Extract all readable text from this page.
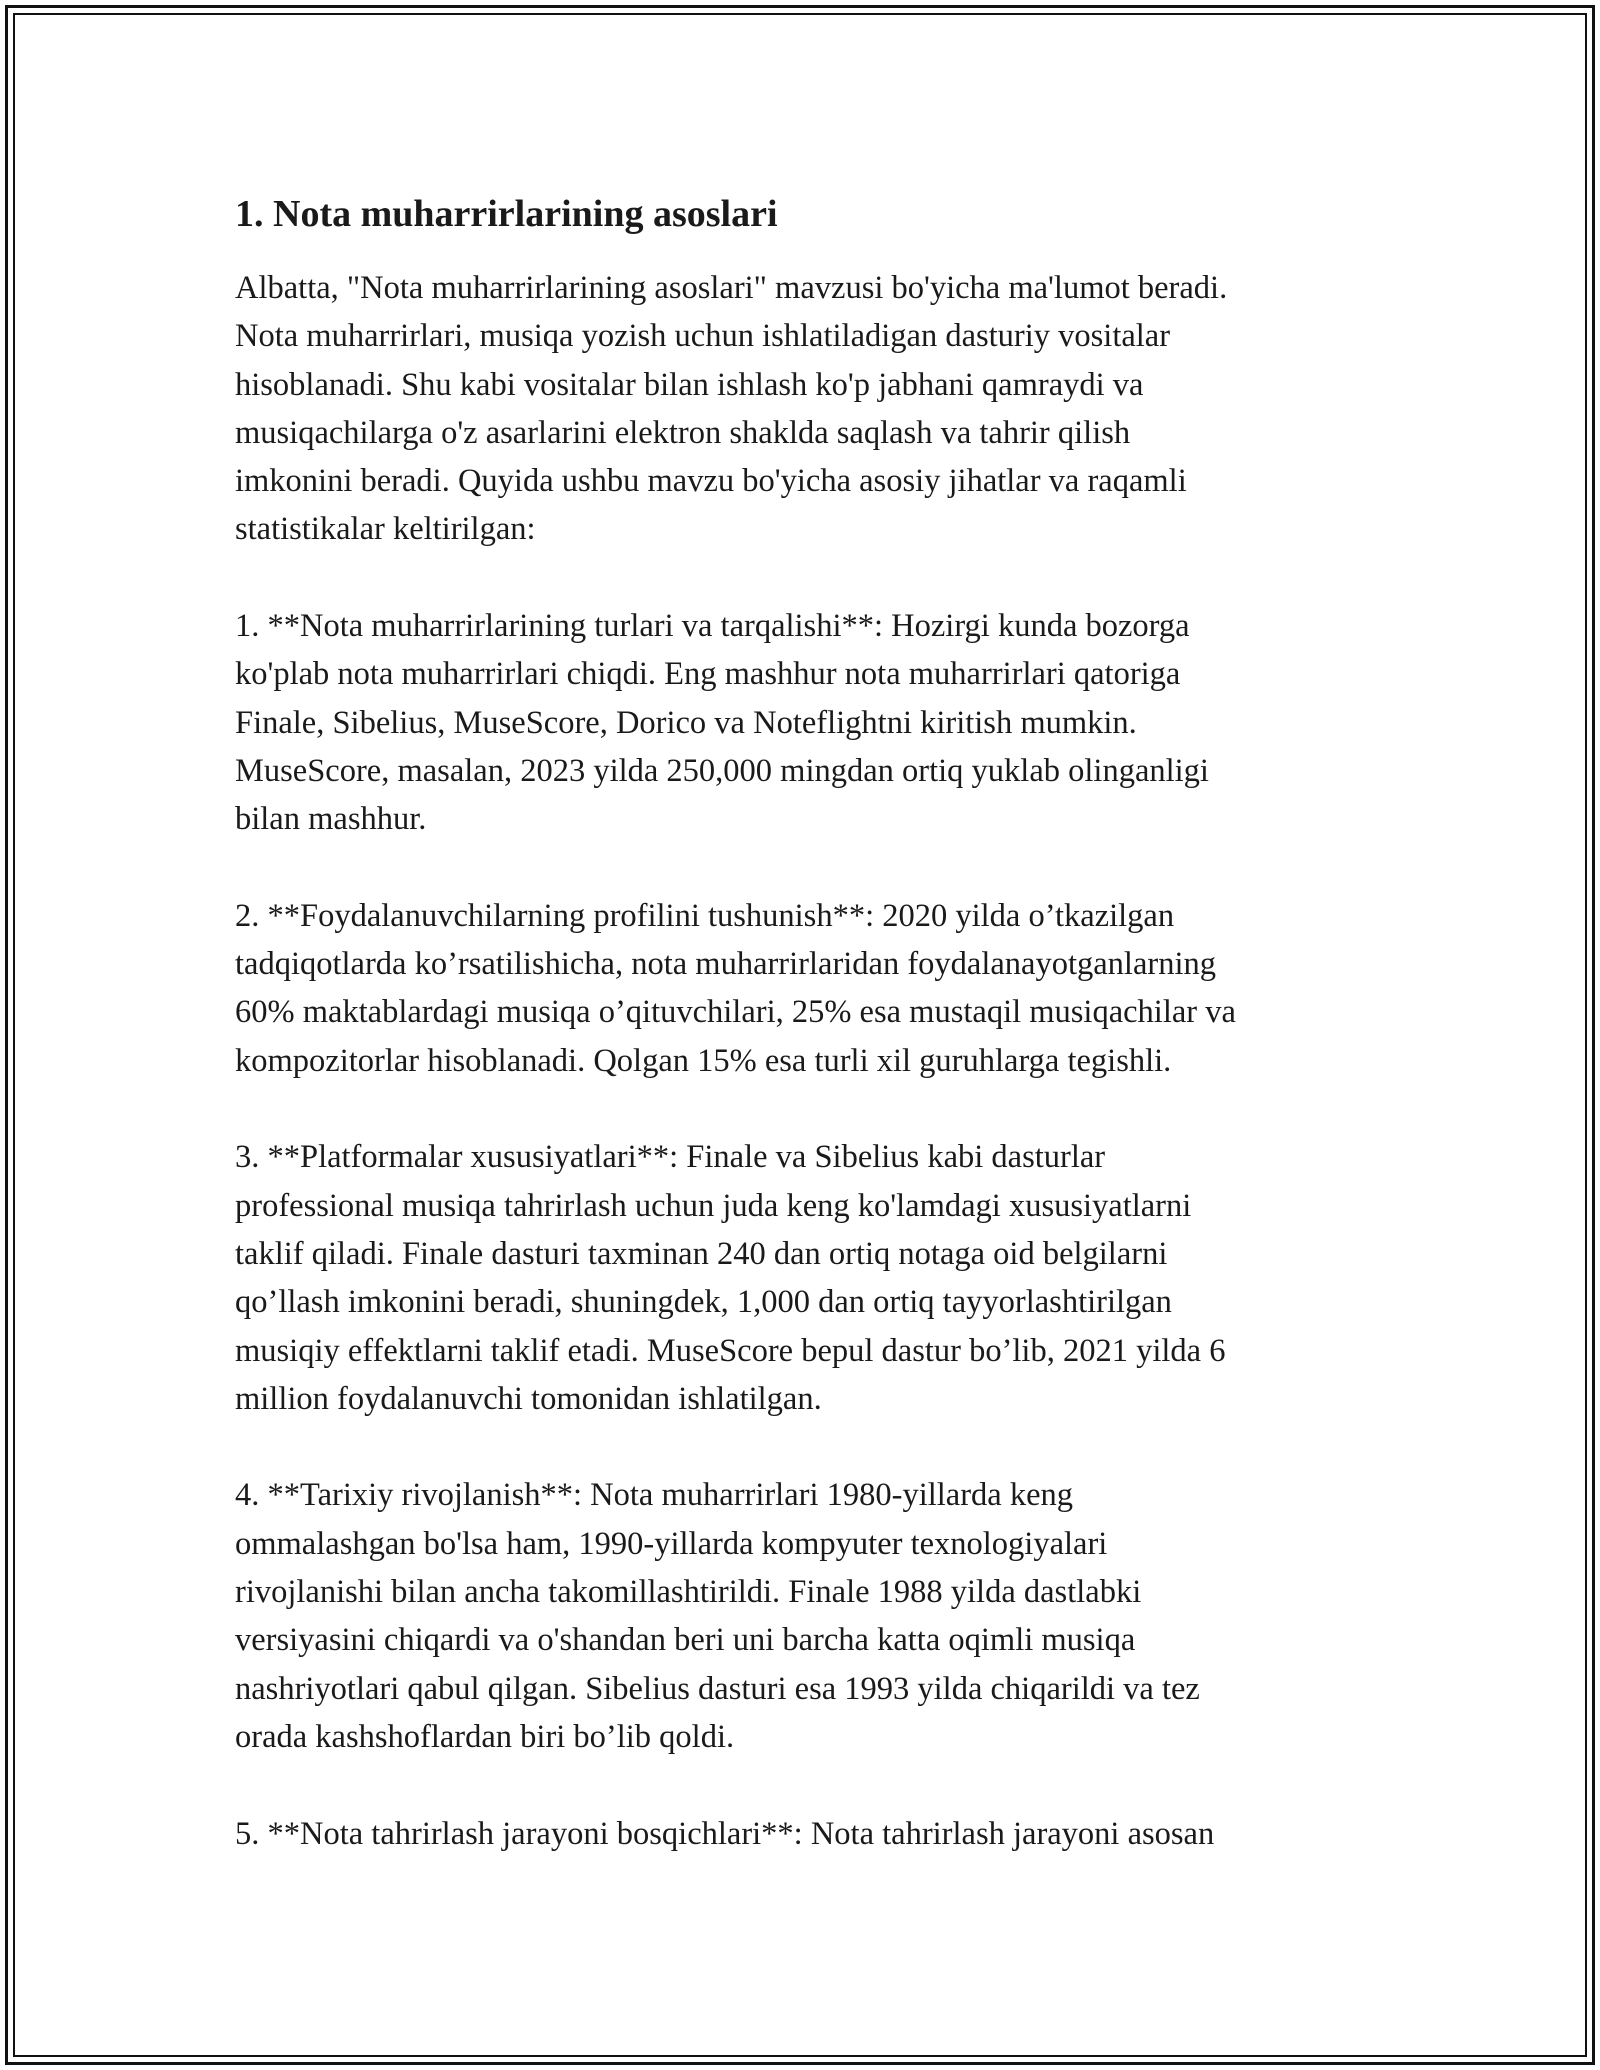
1. Nota muharrirlarining asoslari

Albatta, "Nota muharrirlarining asoslari" mavzusi bo'yicha ma'lumot beradi.
Nota muharrirlari, musiqa yozish uchun ishlatiladigan dasturiy vositalar
hisoblanadi. Shu kabi vositalar bilan ishlash ko'p jabhani qamraydi va
musiqachilarga o'z asarlarini elektron shaklda saqlash va tahrir qilish
imkonini beradi. Quyida ushbu mavzu bo'yicha asosiy jihatlar va raqamli
statistikalar keltirilgan:

1. **Nota muharrirlarining turlari va tarqalishi**: Hozirgi kunda bozorga
ko'plab nota muharrirlari chiqdi. Eng mashhur nota muharrirlari qatoriga
Finale, Sibelius, MuseScore, Dorico va Noteflightni kiritish mumkin.
MuseScore, masalan, 2023 yilda 250,000 mingdan ortiq yuklab olinganligi
bilan mashhur.

2. **Foydalanuvchilarning profilini tushunish**: 2020 yilda o’tkazilgan
tadqiqotlarda ko’rsatilishicha, nota muharrirlaridan foydalanayotganlarning
60% maktablardagi musiqa o’qituvchilari, 25% esa mustaqil musiqachilar va
kompozitorlar hisoblanadi. Qolgan 15% esa turli xil guruhlarga tegishli.

3. **Platformalar xususiyatlari**: Finale va Sibelius kabi dasturlar
professional musiqa tahrirlash uchun juda keng ko'lamdagi xususiyatlarni
taklif qiladi. Finale dasturi taxminan 240 dan ortiq notaga oid belgilarni
qo’llash imkonini beradi, shuningdek, 1,000 dan ortiq tayyorlashtirilgan
musiqiy effektlarni taklif etadi. MuseScore bepul dastur bo’lib, 2021 yilda 6
million foydalanuvchi tomonidan ishlatilgan.

4. **Tarixiy rivojlanish**: Nota muharrirlari 1980-yillarda keng
ommalashgan bo'lsa ham, 1990-yillarda kompyuter texnologiyalari
rivojlanishi bilan ancha takomillashtirildi. Finale 1988 yilda dastlabki
versiyasini chiqardi va o'shandan beri uni barcha katta oqimli musiqa
nashriyotlari qabul qilgan. Sibelius dasturi esa 1993 yilda chiqarildi va tez
orada kashshoflardan biri bo’lib qoldi.

5. **Nota tahrirlash jarayoni bosqichlari**: Nota tahrirlash jarayoni asosan
